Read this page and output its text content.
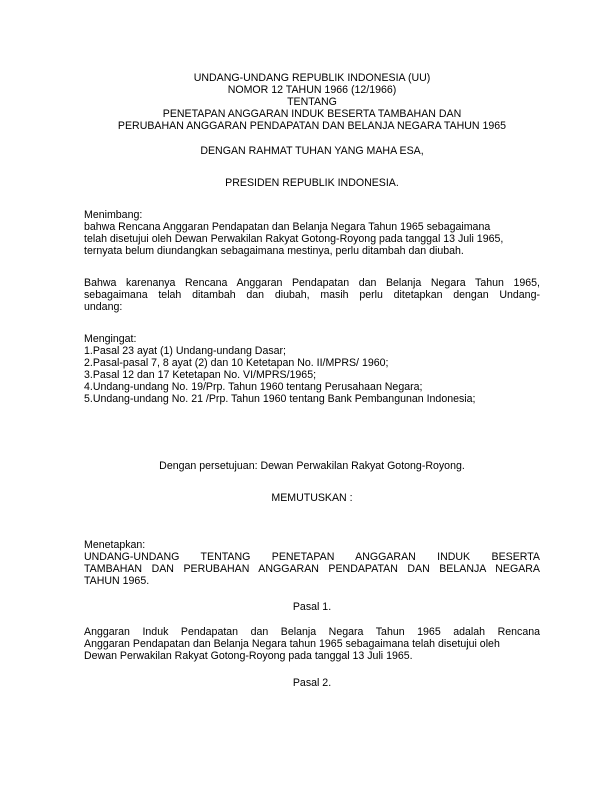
UNDANG-UNDANG REPUBLIK INDONESIA (UU)
NOMOR 12 TAHUN 1966 (12/1966)
TENTANG
PENETAPAN ANGGARAN INDUK BESERTA TAMBAHAN DAN
PERUBAHAN ANGGARAN PENDAPATAN DAN BELANJA NEGARA TAHUN 1965
DENGAN RAHMAT TUHAN YANG MAHA ESA,
PRESIDEN REPUBLIK INDONESIA.
Menimbang:
bahwa Rencana Anggaran Pendapatan dan Belanja Negara Tahun 1965 sebagaimana
telah disetujui oleh Dewan Perwakilan Rakyat Gotong-Royong pada tanggal 13 Juli 1965,
ternyata belum diundangkan sebagaimana mestinya, perlu ditambah dan diubah.
Bahwa karenanya Rencana Anggaran Pendapatan dan Belanja Negara Tahun 1965,
sebagaimana telah ditambah dan diubah, masih perlu ditetapkan dengan Undang-
undang:
Mengingat:
1.Pasal 23 ayat (1) Undang-undang Dasar;
2.Pasal-pasal 7, 8 ayat (2) dan 10 Ketetapan No. II/MPRS/ 1960;
3.Pasal 12 dan 17 Ketetapan No. VI/MPRS/1965;
4.Undang-undang No. 19/Prp. Tahun 1960 tentang Perusahaan Negara;
5.Undang-undang No. 21 /Prp. Tahun 1960 tentang Bank Pembangunan Indonesia;
Dengan persetujuan: Dewan Perwakilan Rakyat Gotong-Royong.
MEMUTUSKAN :
Menetapkan:
UNDANG-UNDANG TENTANG PENETAPAN ANGGARAN INDUK BESERTA
TAMBAHAN DAN PERUBAHAN ANGGARAN PENDAPATAN DAN BELANJA NEGARA
TAHUN 1965.
Pasal 1.
Anggaran Induk Pendapatan dan Belanja Negara Tahun 1965 adalah Rencana
Anggaran Pendapatan dan Belanja Negara tahun 1965 sebagaimana telah disetujui oleh
Dewan Perwakilan Rakyat Gotong-Royong pada tanggal 13 Juli 1965.
Pasal 2.
